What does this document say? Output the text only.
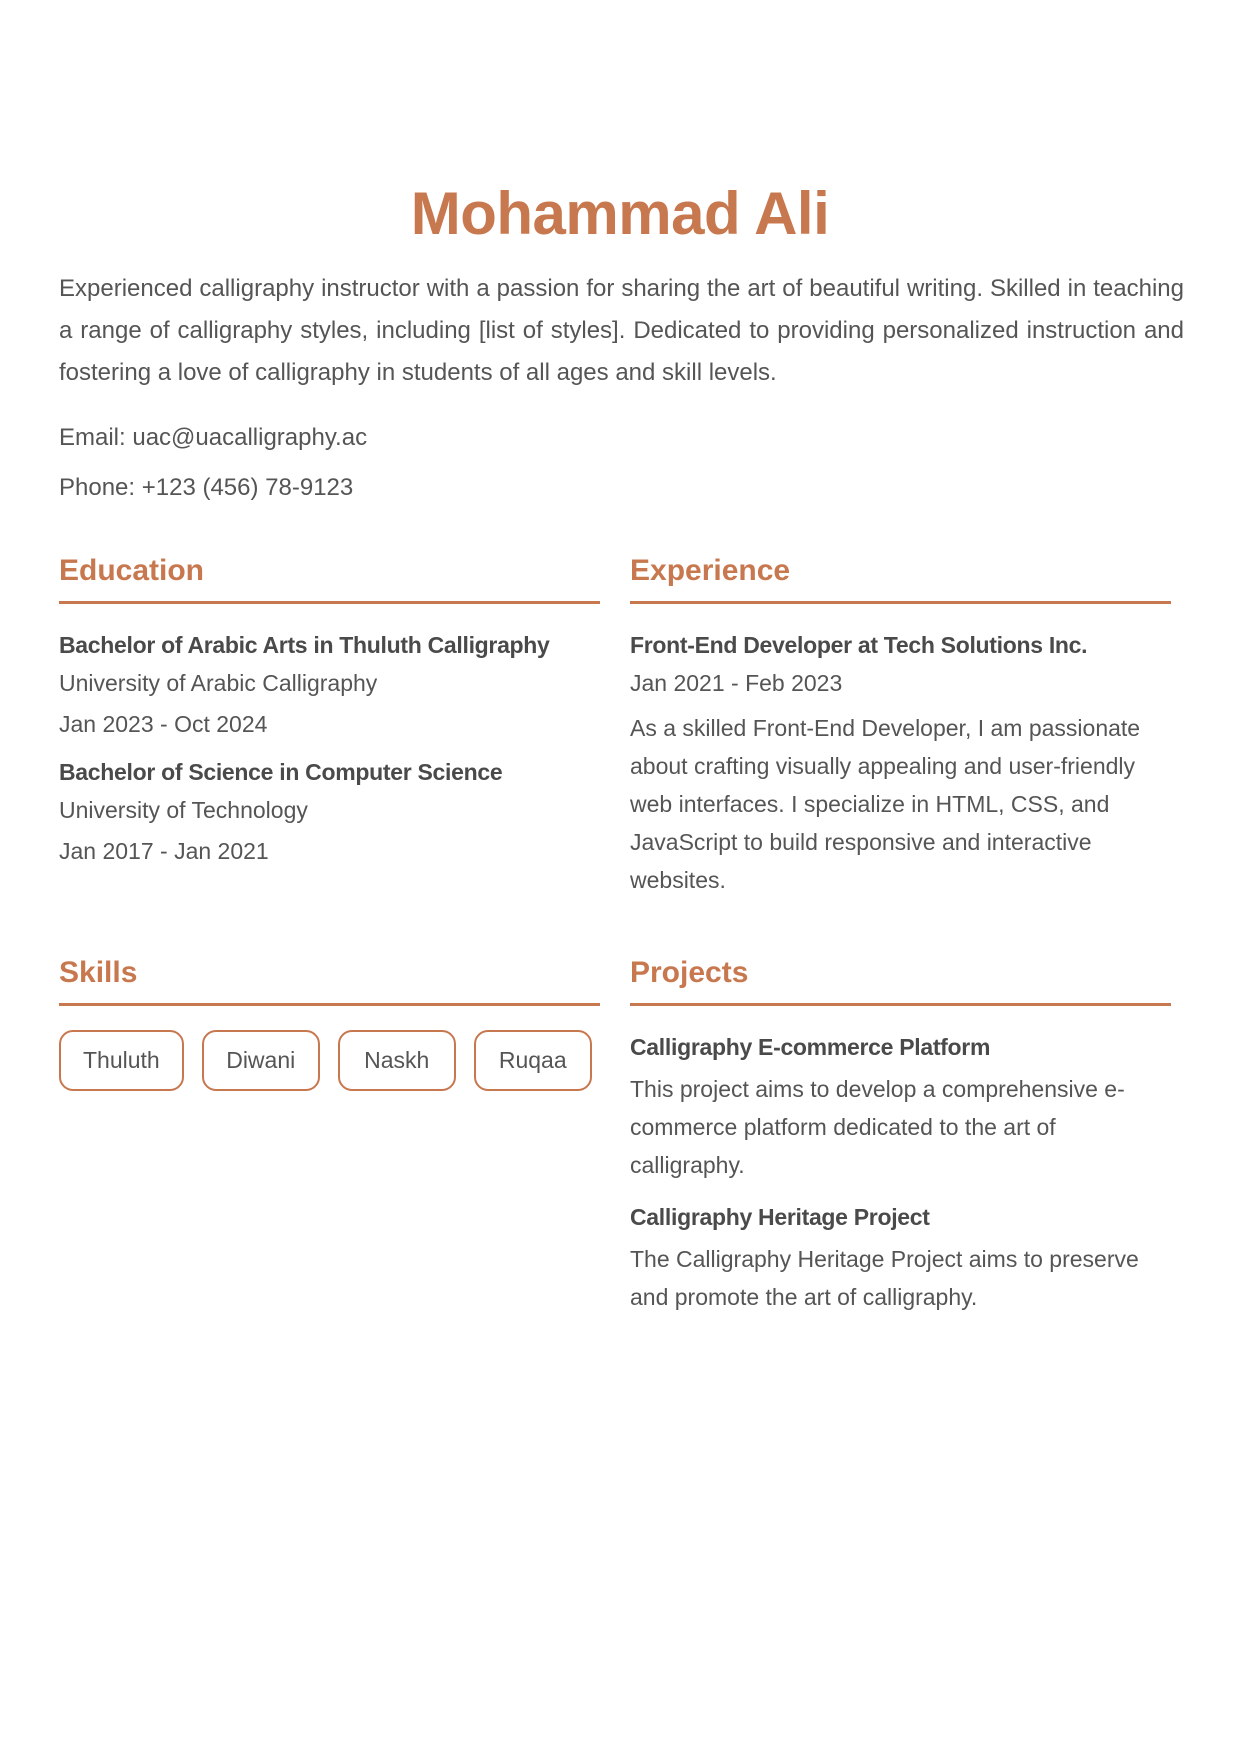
Mohammad Ali

Experienced calligraphy instructor with a passion for sharing the art of beautiful writing. Skilled in teaching a range of calligraphy styles, including [list of styles]. Dedicated to providing personalized instruction and fostering a love of calligraphy in students of all ages and skill levels.

Email: uac@uacalligraphy.ac

Phone: +123 (456) 78-9123

Education

Bachelor of Arabic Arts in Thuluth Calligraphy

University of Arabic Calligraphy

Jan 2023 - Oct 2024

Bachelor of Science in Computer Science

University of Technology

Jan 2017 - Jan 2021

Experience

Front-End Developer at Tech Solutions Inc.

Jan 2021 - Feb 2023

As a skilled Front-End Developer, I am passionate about crafting visually appealing and user-friendly web interfaces. I specialize in HTML, CSS, and JavaScript to build responsive and interactive websites.

Skills
Thuluth	Diwani	Naskh	Ruqaa
Projects

Calligraphy E-commerce Platform

This project aims to develop a comprehensive e-commerce platform dedicated to the art of calligraphy.

Calligraphy Heritage Project

The Calligraphy Heritage Project aims to preserve and promote the art of calligraphy.
